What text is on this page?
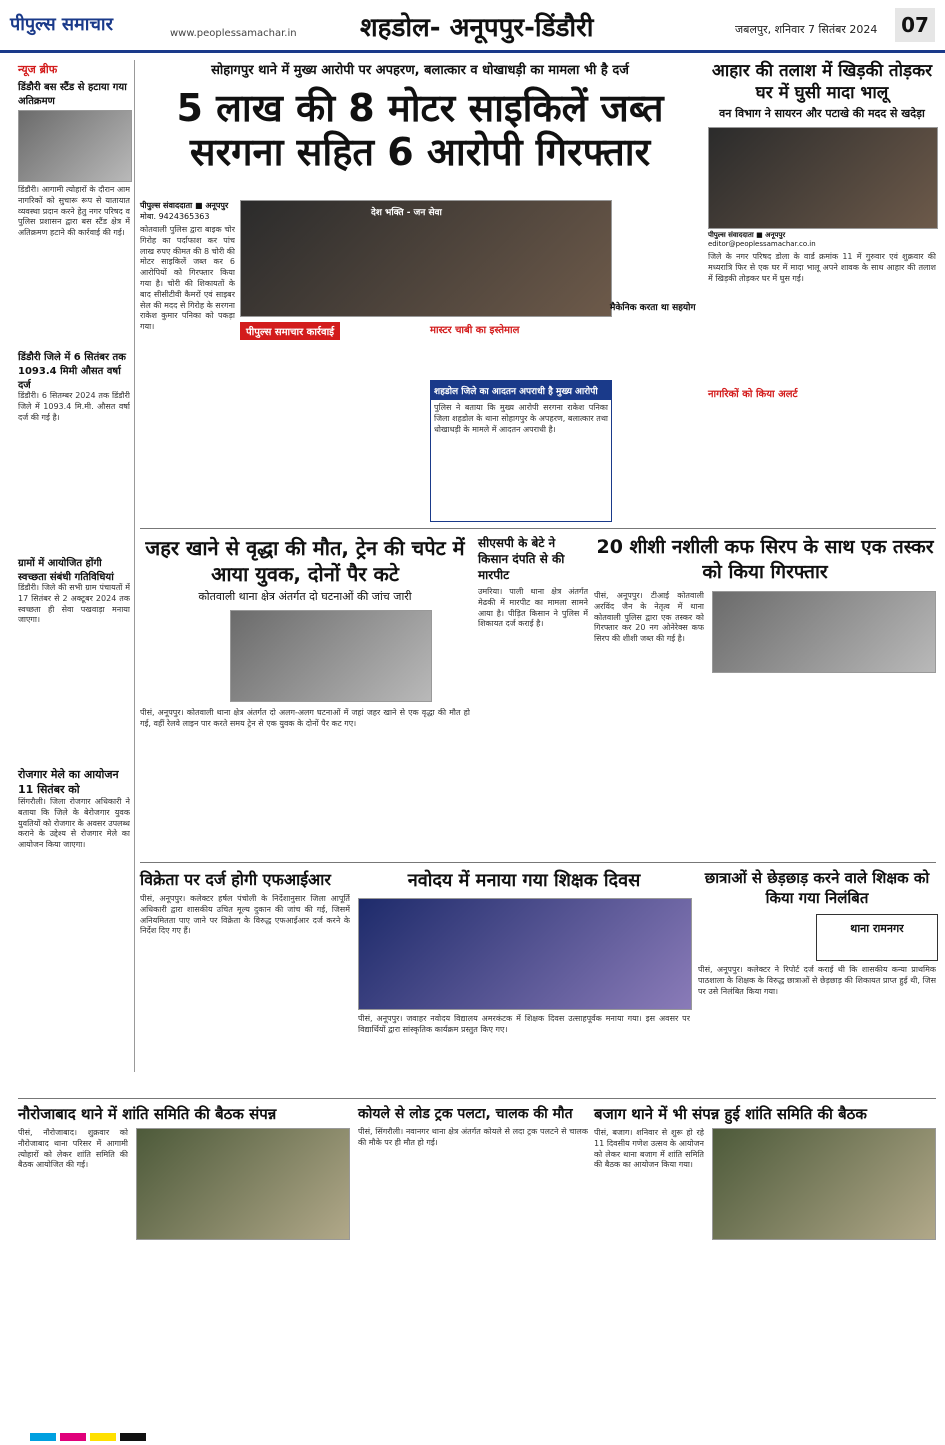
पीपुल्स समाचार	www.peoplessamachar.in शहडोल- अनूपपुर-डिंडौरी	जबलपुर, शनिवार 7 सितंबर 2024	07
न्यूज ब्रीफ
डिंडौरी बस स्टैंड से हटाया गया अतिक्रमण
डिंडौरी। आगामी त्योहारों के दौरान आम नागरिकों को सुचारू रूप से यातायात व्यवस्था प्रदान करने हेतु नगर परिषद व पुलिस प्रशासन द्वारा बस स्टैंड क्षेत्र में अतिक्रमण हटाने की कार्रवाई की गई।
डिंडौरी जिले में 6 सितंबर तक 1093.4 मिमी औसत वर्षा दर्ज
डिंडौरी। 6 सितम्बर 2024 तक डिंडौरी जिले में 1093.4 मि.मी. औसत वर्षा दर्ज की गई है।
ग्रामों में आयोजित होंगी स्वच्छता संबंधी गतिविधियां
डिंडौरी। जिले की सभी ग्राम पंचायतों में 17 सितंबर से 2 अक्टूबर 2024 तक स्वच्छता ही सेवा पखवाड़ा मनाया जाएगा।
रोजगार मेले का आयोजन 11 सितंबर को
सिंगरौली। जिला रोजगार अधिकारी ने बताया कि जिले के बेरोजगार युवक युवतियों को रोजगार के अवसर उपलब्ध कराने के उद्देश्य से रोजगार मेले का आयोजन किया जाएगा।
सोहागपुर थाने में मुख्य आरोपी पर अपहरण, बलात्कार व धोखाधड़ी का मामला भी है दर्ज
5 लाख की 8 मोटर साइकिलें जब्त
सरगना सहित 6 आरोपी गिरफ्तार
पीपुल्स संवाददाता ■ अनूपपुर
मोबा. 9424365363	देश भक्ति - जन सेवा
कोतवाली पुलिस द्वारा बाइक चोर गिरोह का पर्दाफाश कर पांच लाख रुपए कीमत की 8 चोरी की मोटर साइकिलें जब्त कर 6 आरोपियों को गिरफ्तार किया गया है। चोरी की शिकायतों के बाद सीसीटीवी कैमरों एवं साइबर सेल की मदद से गिरोह के सरगना राकेश कुमार पनिका को पकड़ा गया।
पीपुल्स समाचार कार्रवाई	मास्टर चाबी का इस्तेमाल
मैकेनिक करता था सहयोग
शहडोल जिले का आदतन अपराधी है मुख्य आरोपी
पुलिस ने बताया कि मुख्य आरोपी सरगना राकेश पनिका जिला शहडोल के थाना सोहागपुर के अपहरण, बलात्कार तथा धोखाधड़ी के मामले में आदतन अपराधी है।
आहार की तलाश में खिड़की तोड़कर घर में घुसी मादा भालू
वन विभाग ने सायरन और पटाखे की मदद से खदेड़ा
पीपुल्स संवाददाता ■ अनूपपुर
editor@peoplessamachar.co.in
जिले के नगर परिषद डोला के वार्ड क्रमांक 11 में गुरुवार एवं शुक्रवार की मध्यरात्रि फिर से एक घर में मादा भालू अपने शावक के साथ आहार की तलाश में खिड़की तोड़कर घर में घुस गई।
नागरिकों को किया अलर्ट
जहर खाने से वृद्धा की मौत, ट्रेन की चपेट में आया युवक, दोनों पैर कटे
कोतवाली थाना क्षेत्र अंतर्गत दो घटनाओं की जांच जारी
पीसं, अनूपपुर। कोतवाली थाना क्षेत्र अंतर्गत दो अलग-अलग घटनाओं में जहां जहर खाने से एक वृद्धा की मौत हो गई, वहीं रेलवे लाइन पार करते समय ट्रेन से एक युवक के दोनों पैर कट गए।
सीएसपी के बेटे ने किसान दंपति से की मारपीट
उमरिया। पाली थाना क्षेत्र अंतर्गत मेढकी में मारपीट का मामला सामने आया है। पीड़ित किसान ने पुलिस में शिकायत दर्ज कराई है।
20 शीशी नशीली कफ सिरप के साथ एक तस्कर को किया गिरफ्तार
पीसं, अनूपपुर। टीआई कोतवाली अरविंद जैन के नेतृत्व में थाना कोतवाली पुलिस द्वारा एक तस्कर को गिरफ्तार कर 20 नग ओनेरेक्स कफ सिरप की शीशी जब्त की गई है।
विक्रेता पर दर्ज होगी एफआईआर
पीसं, अनूपपुर। कलेक्टर हर्षल पंचोली के निर्देशानुसार जिला आपूर्ति अधिकारी द्वारा शासकीय उचित मूल्य दुकान की जांच की गई, जिसमें अनियमितता पाए जाने पर विक्रेता के विरुद्ध एफआईआर दर्ज करने के निर्देश दिए गए हैं।
नवोदय में मनाया गया शिक्षक दिवस
पीसं, अनूपपुर। जवाहर नवोदय विद्यालय अमरकंटक में शिक्षक दिवस उत्साहपूर्वक मनाया गया। इस अवसर पर विद्यार्थियों द्वारा सांस्कृतिक कार्यक्रम प्रस्तुत किए गए।
छात्राओं से छेड़छाड़ करने वाले शिक्षक को किया गया निलंबित
थाना रामनगर
पीसं, अनूपपुर। कलेक्टर ने रिपोर्ट दर्ज कराई थी कि शासकीय कन्या प्राथमिक पाठशाला के शिक्षक के विरुद्ध छात्राओं से छेड़छाड़ की शिकायत प्राप्त हुई थी, जिस पर उसे निलंबित किया गया।
नौरोजाबाद थाने में शांति समिति की बैठक संपन्न
पीसं, नौरोजाबाद। शुक्रवार को नौरोजाबाद थाना परिसर में आगामी त्योहारों को लेकर शांति समिति की बैठक आयोजित की गई।
कोयले से लोड ट्रक पलटा, चालक की मौत
पीसं, सिंगरौली। नवानगर थाना क्षेत्र अंतर्गत कोयले से लदा ट्रक पलटने से चालक की मौके पर ही मौत हो गई।
बजाग थाने में भी संपन्न हुई शांति समिति की बैठक
पीसं, बजाग। शनिवार से शुरू हो रहे 11 दिवसीय गणेश उत्सव के आयोजन को लेकर थाना बजाग में शांति समिति की बैठक का आयोजन किया गया।
